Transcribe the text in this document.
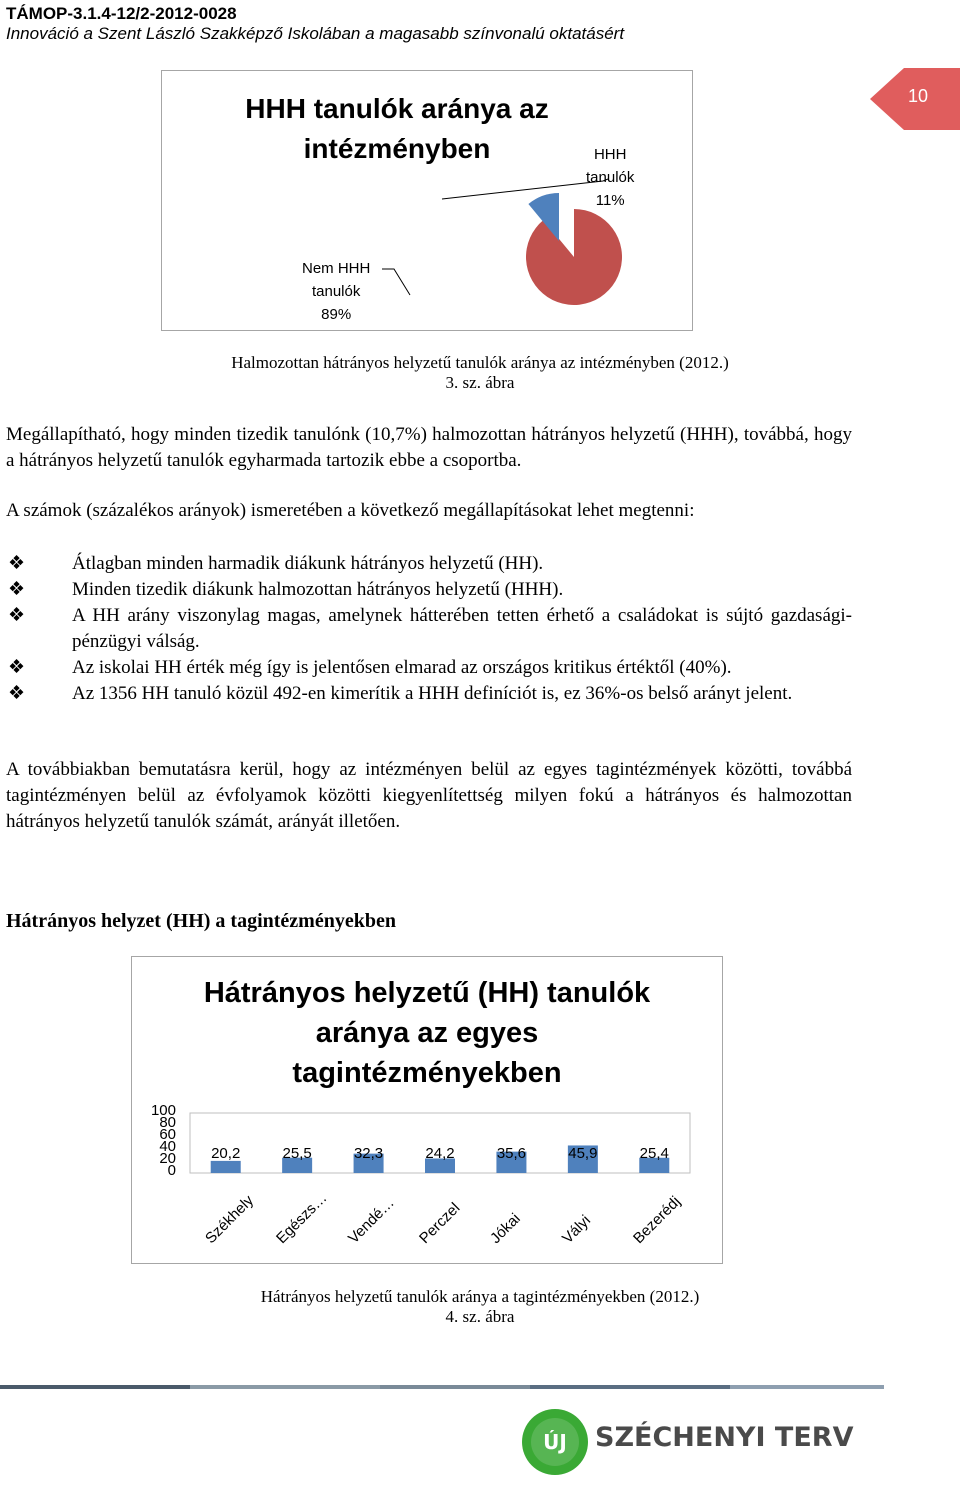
TÁMOP-3.1.4-12/2-2012-0028
Innováció a Szent László Szakképző Iskolában a magasabb színvonalú oktatásért
10
HHH tanulók aránya az
intézményben	HHH
tanulók
11%
Nem HHH
tanulók
89%
Halmozottan hátrányos helyzetű tanulók aránya az intézményben (2012.)
3. sz. ábra
Megállapítható, hogy minden tizedik tanulónk (10,7%) halmozottan hátrányos helyzetű (HHH), továbbá, hogy a hátrányos helyzetű tanulók egyharmada tartozik ebbe a csoportba.
A számok (százalékos arányok) ismeretében a következő megállapításokat lehet megtenni:
❖ Átlagban minden harmadik diákunk hátrányos helyzetű (HH).
❖ Minden tizedik diákunk halmozottan hátrányos helyzetű (HHH).
❖ A HH arány viszonylag magas, amelynek hátterében tetten érhető a családokat is sújtó gazdasági-pénzügyi válság.
❖ Az iskolai HH érték még így is jelentősen elmarad az országos kritikus értéktől (40%).
❖ Az 1356 HH tanuló közül 492-en kimerítik a HHH definíciót is, ez 36%-os belső arányt jelent.
A továbbiakban bemutatásra kerül, hogy az intézményen belül az egyes tagintézmények közötti, továbbá tagintézményen belül az évfolyamok közötti kiegyenlítettség milyen fokú a hátrányos és halmozottan hátrányos helyzetű tanulók számát, arányát illetően.
Hátrányos helyzet (HH) a tagintézményekben
Hátrányos helyzetű (HH) tanulók
aránya az egyes
tagintézményekben
100
80
60
40
20
0
20,2
Székhely
25,5
Egészs…
32,3
Vendé…
24,2
Perczel
35,6
Jókai
45,9
Vályi
25,4
Bezerédj
Hátrányos helyzetű tanulók aránya a tagintézményekben (2012.)
4. sz. ábra
ÚJ	SZÉCHENYI TERV
